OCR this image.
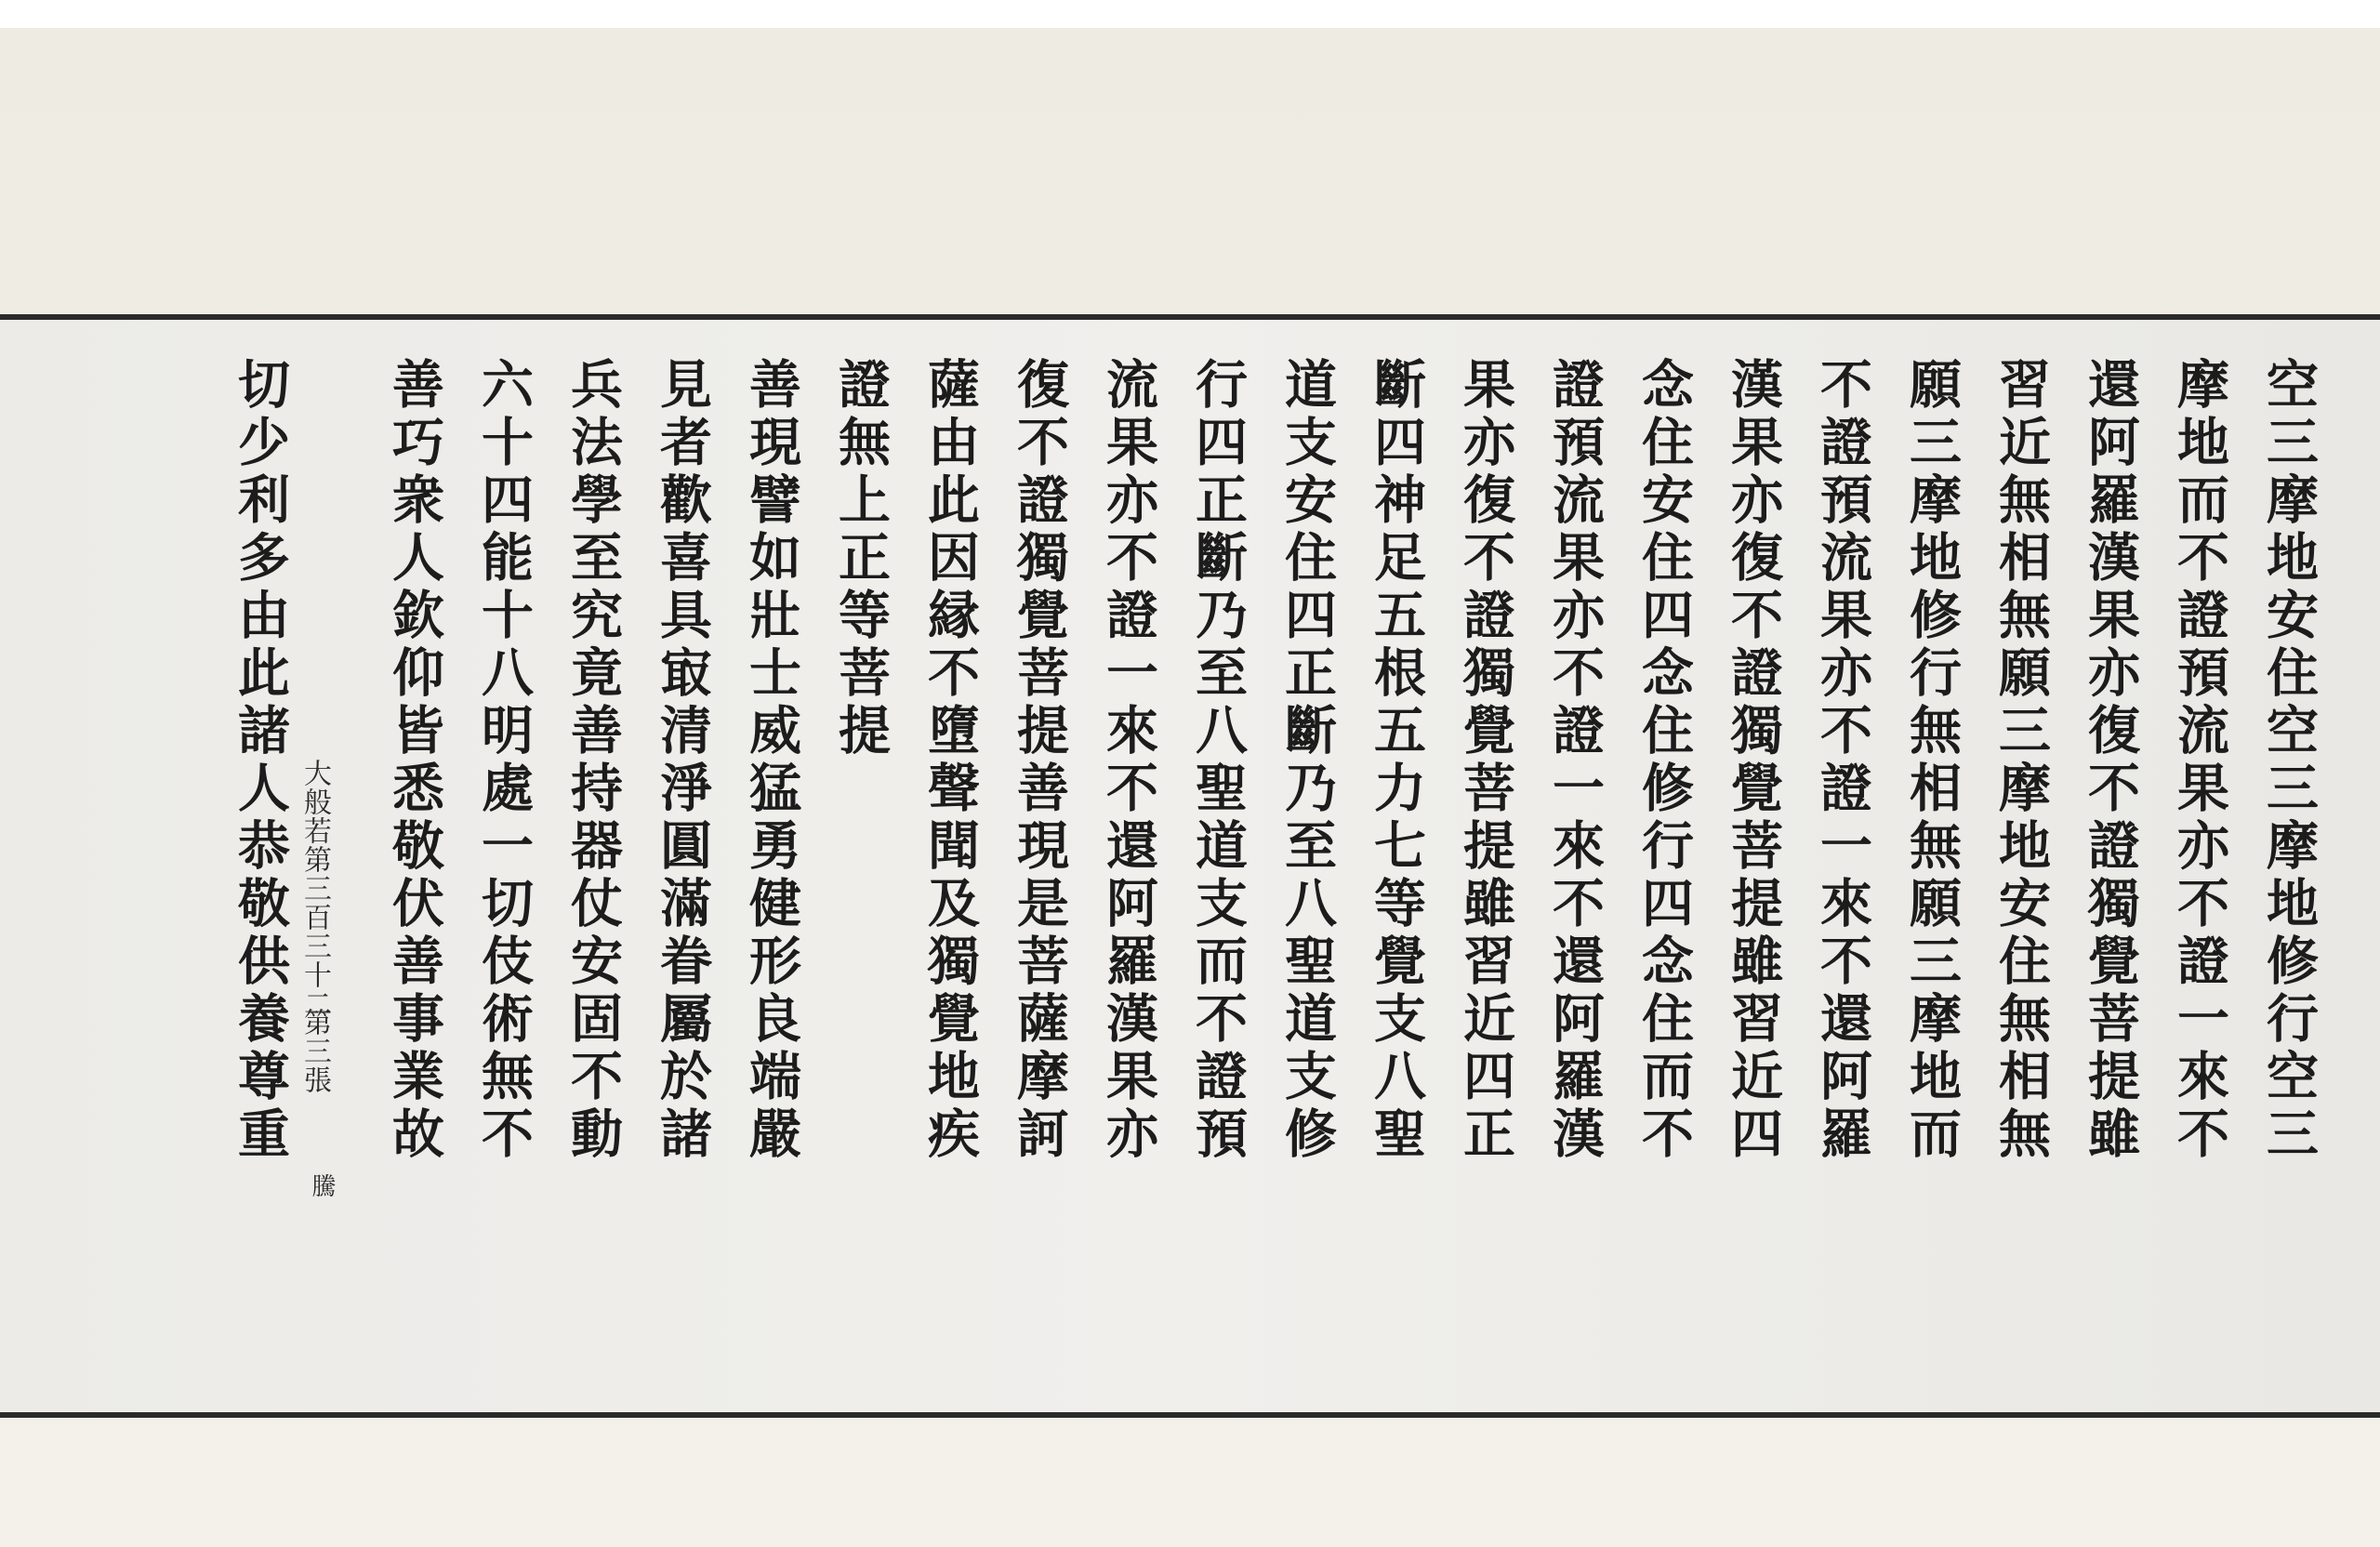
空三摩地安住空三摩地修行空三
摩地而不證預流果亦不證一來不
還阿羅漢果亦復不證獨覺菩提雖
習近無相無願三摩地安住無相無
願三摩地修行無相無願三摩地而
不證預流果亦不證一來不還阿羅
漢果亦復不證獨覺菩提雖習近四
念住安住四念住修行四念住而不
證預流果亦不證一來不還阿羅漢
果亦復不證獨覺菩提雖習近四正
斷四神足五根五力七等覺支八聖
道支安住四正斷乃至八聖道支修
行四正斷乃至八聖道支而不證預
流果亦不證一來不還阿羅漢果亦
復不證獨覺菩提善現是菩薩摩訶
薩由此因縁不墮聲聞及獨覺地疾
證無上正等菩提
善現譬如壯士威猛勇健形良端嚴
見者歡喜具㝡清淨圓滿眷屬於諸
兵法學至究竟善持器仗安固不動
六十四能十八明處一切伎術無不
善巧衆人欽仰皆悉敬伏善事業故
大般若第三百三十二
第三張
騰
切少利多由此諸人恭敬供養尊重
